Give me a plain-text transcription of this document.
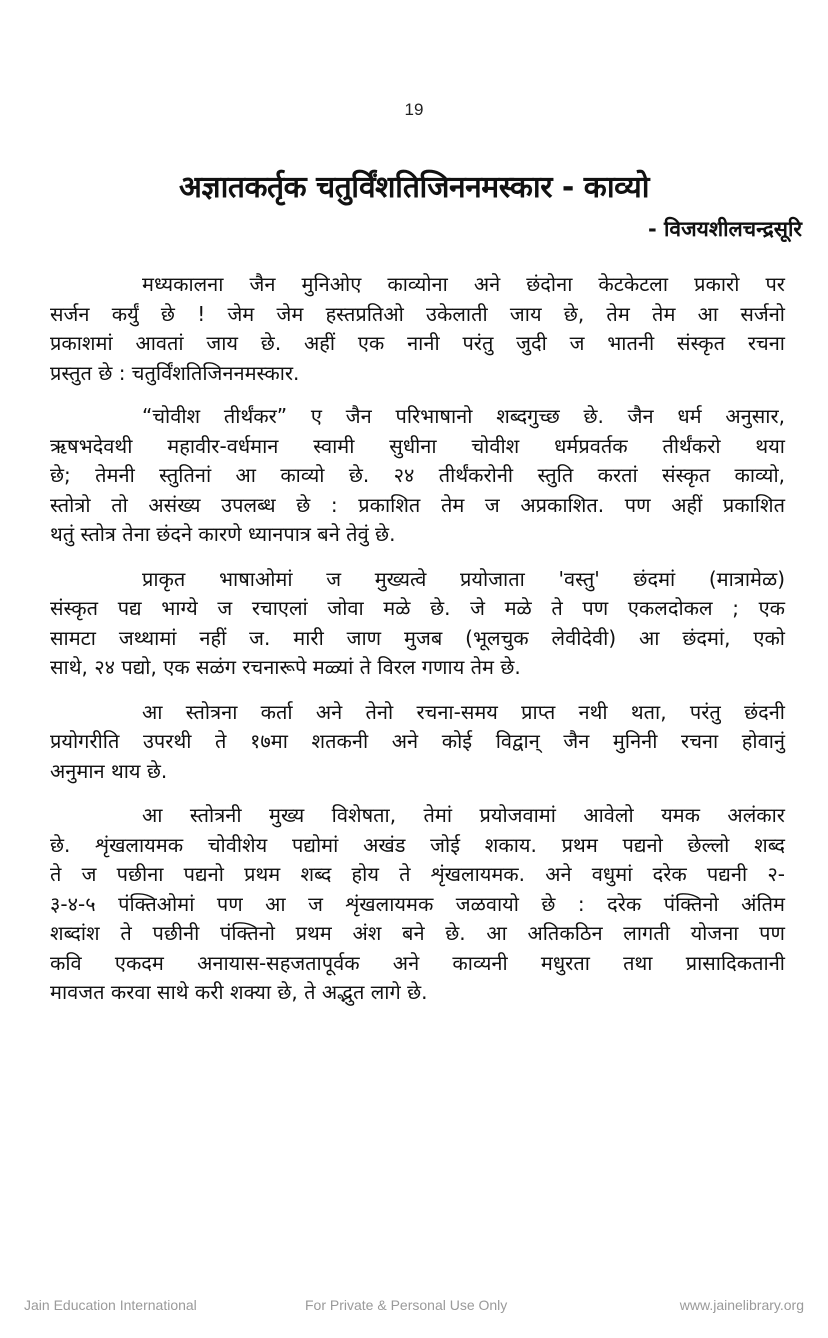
19
अज्ञातकर्तृक चतुर्विंशतिजिननमस्कार - काव्यो
- विजयशीलचन्द्रसूरि
मध्यकालना जैन मुनिओए काव्योना अने छंदोना केटकेटला प्रकारो पर
सर्जन कर्युं छे ! जेम जेम हस्तप्रतिओ उकेलाती जाय छे, तेम तेम आ सर्जनो
प्रकाशमां आवतां जाय छे. अहीं एक नानी परंतु जुदी ज भातनी संस्कृत रचना
प्रस्तुत छे : चतुर्विंशतिजिननमस्कार.
“चोवीश तीर्थंकर” ए जैन परिभाषानो शब्दगुच्छ छे. जैन धर्म अनुसार,
ऋषभदेवथी महावीर-वर्धमान स्वामी सुधीना चोवीश धर्मप्रवर्तक तीर्थंकरो थया
छे; तेमनी स्तुतिनां आ काव्यो छे. २४ तीर्थंकरोनी स्तुति करतां संस्कृत काव्यो,
स्तोत्रो तो असंख्य उपलब्ध छे : प्रकाशित तेम ज अप्रकाशित. पण अहीं प्रकाशित
थतुं स्तोत्र तेना छंदने कारणे ध्यानपात्र बने तेवुं छे.
प्राकृत भाषाओमां ज मुख्यत्वे प्रयोजाता 'वस्तु' छंदमां (मात्रामेळ)
संस्कृत पद्य भाग्ये ज रचाएलां जोवा मळे छे. जे मळे ते पण एकलदोकल ; एक
सामटा जथ्थामां नहीं ज. मारी जाण मुजब (भूलचुक लेवीदेवी) आ छंदमां, एको
साथे, २४ पद्यो, एक सळंग रचनारूपे मळ्यां ते विरल गणाय तेम छे.
आ स्तोत्रना कर्ता अने तेनो रचना-समय प्राप्त नथी थता, परंतु छंदनी
प्रयोगरीति उपरथी ते १७मा शतकनी अने कोई विद्वान् जैन मुनिनी रचना होवानुं
अनुमान थाय छे.
आ स्तोत्रनी मुख्य विशेषता, तेमां प्रयोजवामां आवेलो यमक अलंकार
छे. शृंखलायमक चोवीशेय पद्योमां अखंड जोई शकाय. प्रथम पद्यनो छेल्लो शब्द
ते ज पछीना पद्यनो प्रथम शब्द होय ते शृंखलायमक. अने वधुमां दरेक पद्यनी २-
३-४-५ पंक्तिओमां पण आ ज शृंखलायमक जळवायो छे : दरेक पंक्तिनो अंतिम
शब्दांश ते पछीनी पंक्तिनो प्रथम अंश बने छे. आ अतिकठिन लागती योजना पण
कवि एकदम अनायास-सहजतापूर्वक अने काव्यनी मधुरता तथा प्रासादिकतानी
मावजत करवा साथे करी शक्या छे, ते अद्भुत लागे छे.
Jain Education International	For Private & Personal Use Only	www.jainelibrary.org
